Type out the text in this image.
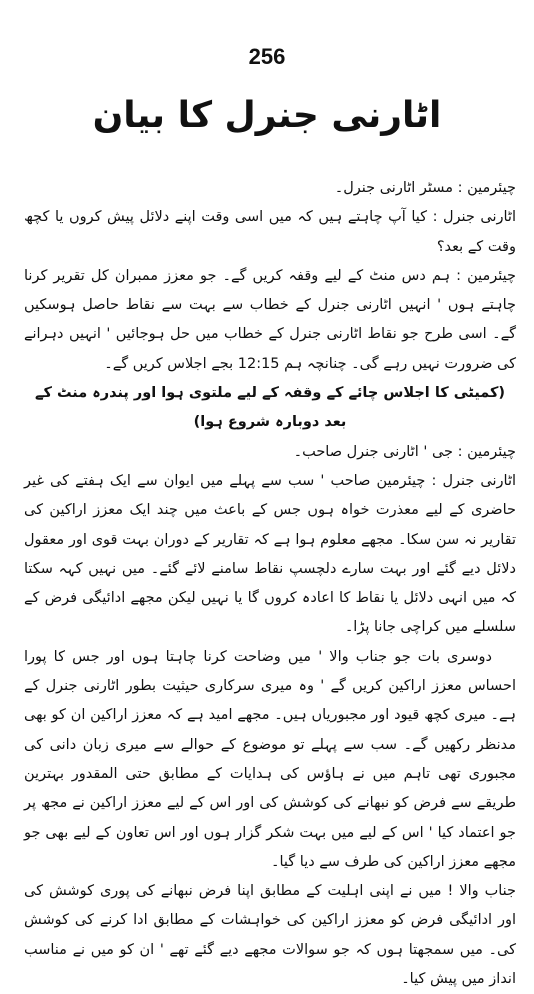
256
اٹارنی جنرل کا بیان

چیئرمین : مسٹر اٹارنی جنرل۔

اٹارنی جنرل : کیا آپ چاہتے ہیں کہ میں اسی وقت اپنے دلائل پیش کروں یا کچھ وقت کے بعد؟

چیئرمین : ہم دس منٹ کے لیے وقفہ کریں گے۔ جو معزز ممبران کل تقریر کرنا چاہتے ہوں ' انہیں اٹارنی جنرل کے خطاب سے بہت سے نقاط حاصل ہوسکیں گے۔ اسی طرح جو نقاط اٹارنی جنرل کے خطاب میں حل ہوجائیں ' انہیں دہرانے کی ضرورت نہیں رہے گی۔ چنانچہ ہم 12:15 بجے اجلاس کریں گے۔

(کمیٹی کا اجلاس چائے کے وقفہ کے لیے ملتوی ہوا اور پندرہ منٹ کے بعد دوبارہ شروع ہوا)

چیئرمین : جی ' اٹارنی جنرل صاحب۔

اٹارنی جنرل : چیئرمین صاحب ' سب سے پہلے میں ایوان سے ایک ہفتے کی غیر حاضری کے لیے معذرت خواہ ہوں جس کے باعث میں چند ایک معزز اراکین کی تقاریر نہ سن سکا۔ مجھے معلوم ہوا ہے کہ تقاریر کے دوران بہت قوی اور معقول دلائل دیے گئے اور بہت سارے دلچسپ نقاط سامنے لائے گئے۔ میں نہیں کہہ سکتا کہ میں انہی دلائل یا نقاط کا اعادہ کروں گا یا نہیں لیکن مجھے ادائیگی فرض کے سلسلے میں کراچی جانا پڑا۔

دوسری بات جو جناب والا ' میں وضاحت کرنا چاہتا ہوں اور جس کا پورا احساس معزز اراکین کریں گے ' وہ میری سرکاری حیثیت بطور اٹارنی جنرل کے ہے۔ میری کچھ قیود اور مجبوریاں ہیں۔ مجھے امید ہے کہ معزز اراکین ان کو بھی مدنظر رکھیں گے۔ سب سے پہلے تو موضوع کے حوالے سے میری زبان دانی کی مجبوری تھی تاہم میں نے ہاؤس کی ہدایات کے مطابق حتی المقدور بہترین طریقے سے فرض کو نبھانے کی کوشش کی اور اس کے لیے معزز اراکین نے مجھ پر جو اعتماد کیا ' اس کے لیے میں بہت شکر گزار ہوں اور اس تعاون کے لیے بھی جو مجھے معزز اراکین کی طرف سے دیا گیا۔

جناب والا ! میں نے اپنی اہلیت کے مطابق اپنا فرض نبھانے کی پوری کوشش کی اور ادائیگی فرض کو معزز اراکین کی خواہشات کے مطابق ادا کرنے کی کوشش کی۔ میں سمجھتا ہوں کہ جو سوالات مجھے دیے گئے تھے ' ان کو میں نے مناسب انداز میں پیش کیا۔
